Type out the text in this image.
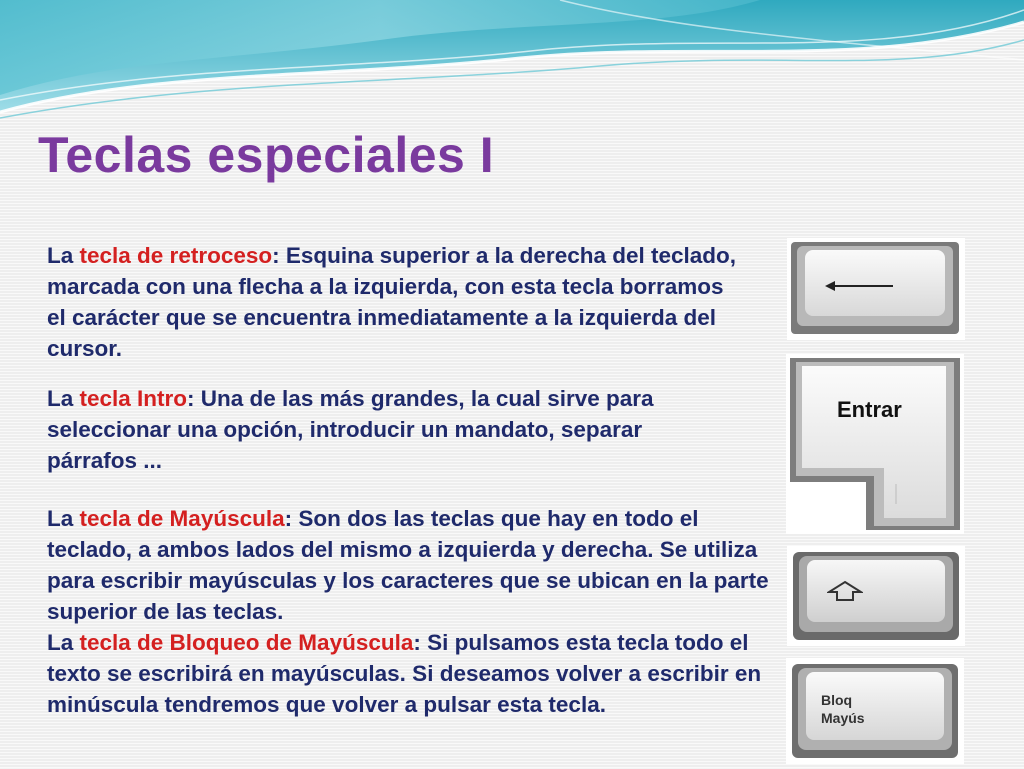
Teclas especiales I

La tecla de retroceso: Esquina superior a la derecha del teclado, marcada con una flecha a la izquierda, con esta tecla borramos el carácter que se encuentra inmediatamente a la izquierda del cursor.

La tecla Intro: Una de las más grandes, la cual sirve para seleccionar una opción, introducir un mandato, separar párrafos ...

La tecla de Mayúscula: Son dos las teclas que hay en todo el teclado, a ambos lados del mismo a izquierda y derecha. Se utiliza para escribir mayúsculas y los caracteres que se ubican en la parte superior de las teclas.
La tecla de Bloqueo de Mayúscula: Si pulsamos esta tecla todo el texto se escribirá en mayúsculas. Si deseamos volver a escribir en minúscula tendremos que volver a pulsar esta tecla.

Entrar
Bloq
Mayús
